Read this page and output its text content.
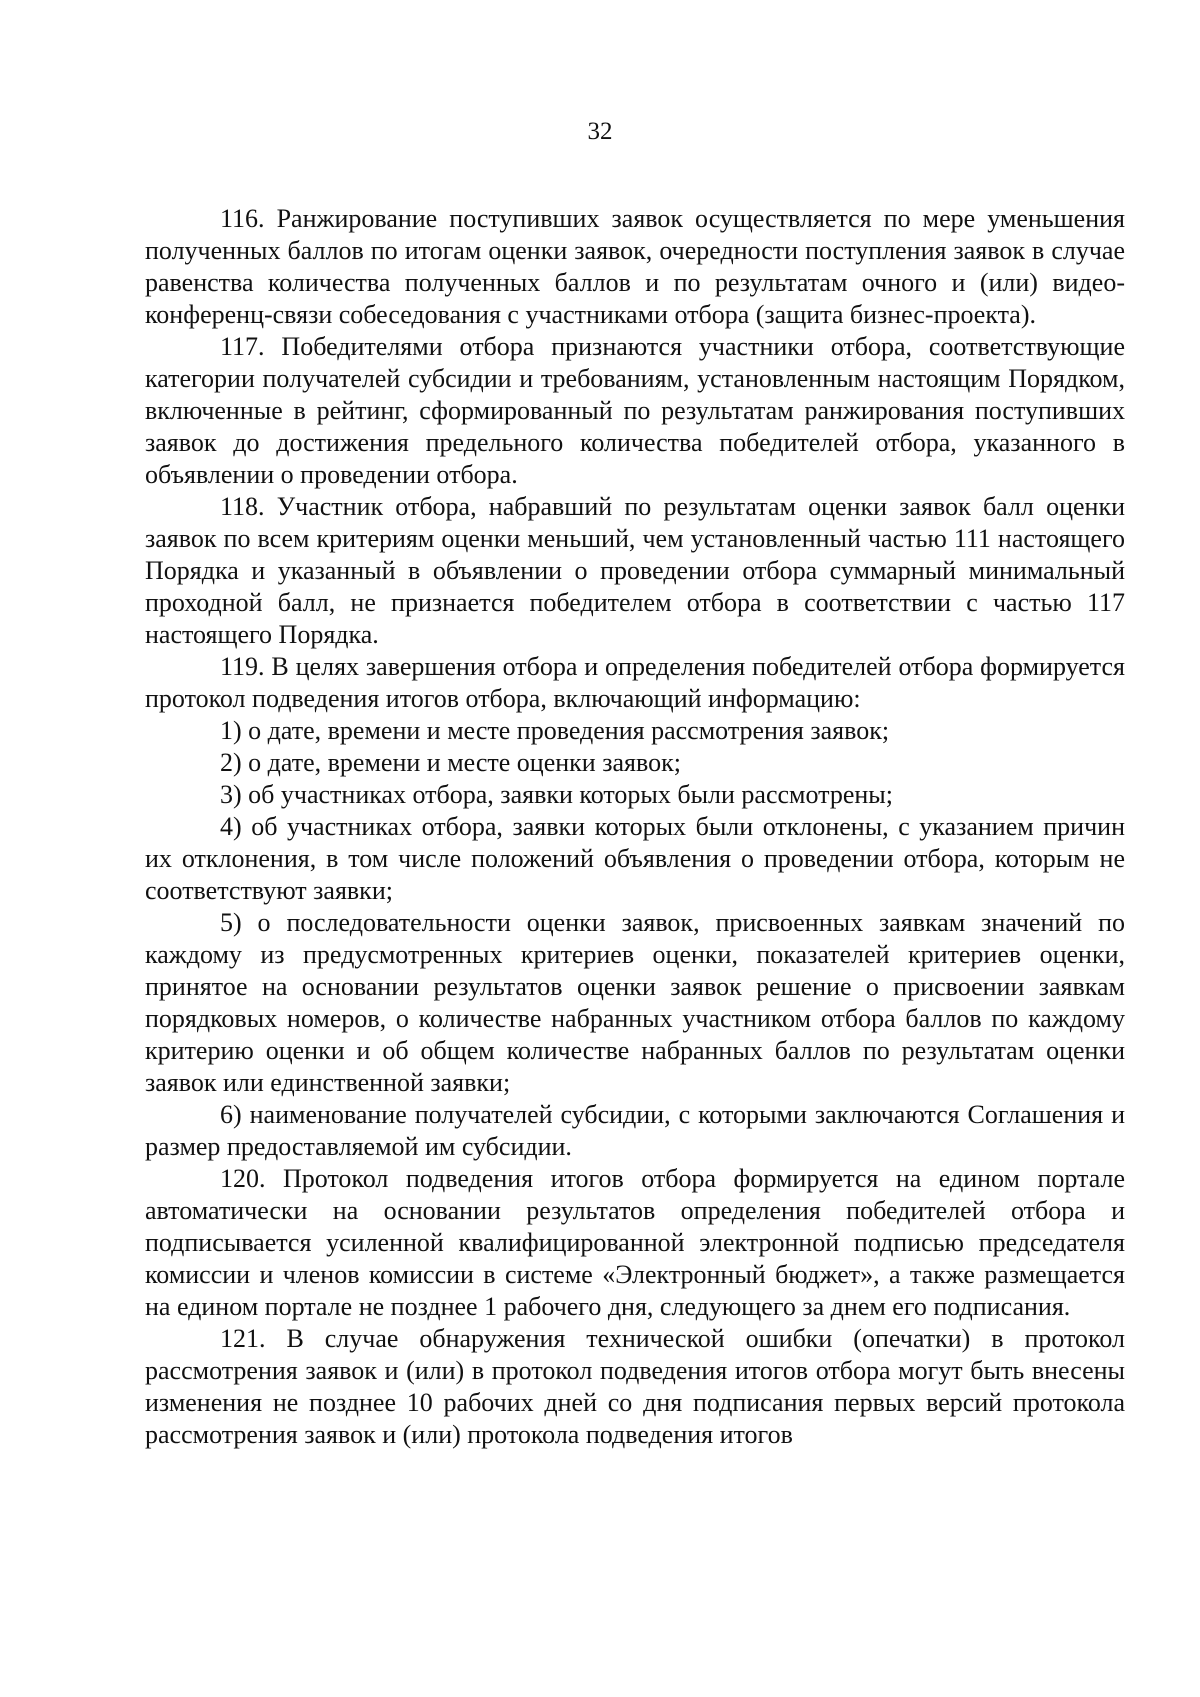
32

116. Ранжирование поступивших заявок осуществляется по мере уменьшения полученных баллов по итогам оценки заявок, очередности поступления заявок в случае равенства количества полученных баллов и по результатам очного и (или) видео-конференц-связи собеседования с участниками отбора (защита бизнес-проекта).

117. Победителями отбора признаются участники отбора, соответствующие категории получателей субсидии и требованиям, установленным настоящим Порядком, включенные в рейтинг, сформированный по результатам ранжирования поступивших заявок до достижения предельного количества победителей отбора, указанного в объявлении о проведении отбора.

118. Участник отбора, набравший по результатам оценки заявок балл оценки заявок по всем критериям оценки меньший, чем установленный частью 111 настоящего Порядка и указанный в объявлении о проведении отбора суммарный минимальный проходной балл, не признается победителем отбора в соответствии с частью 117 настоящего Порядка.

119. В целях завершения отбора и определения победителей отбора формируется протокол подведения итогов отбора, включающий информацию:

1) о дате, времени и месте проведения рассмотрения заявок;

2) о дате, времени и месте оценки заявок;

3) об участниках отбора, заявки которых были рассмотрены;

4) об участниках отбора, заявки которых были отклонены, с указанием причин их отклонения, в том числе положений объявления о проведении отбора, которым не соответствуют заявки;

5) о последовательности оценки заявок, присвоенных заявкам значений по каждому из предусмотренных критериев оценки, показателей критериев оценки, принятое на основании результатов оценки заявок решение о присвоении заявкам порядковых номеров, о количестве набранных участником отбора баллов по каждому критерию оценки и об общем количестве набранных баллов по результатам оценки заявок или единственной заявки;

6) наименование получателей субсидии, с которыми заключаются Соглашения и размер предоставляемой им субсидии.

120. Протокол подведения итогов отбора формируется на едином портале автоматически на основании результатов определения победителей отбора и подписывается усиленной квалифицированной электронной подписью председателя комиссии и членов комиссии в системе «Электронный бюджет», а также размещается на едином портале не позднее 1 рабочего дня, следующего за днем его подписания.

121. В случае обнаружения технической ошибки (опечатки) в протокол рассмотрения заявок и (или) в протокол подведения итогов отбора могут быть внесены изменения не позднее 10 рабочих дней со дня подписания первых версий протокола рассмотрения заявок и (или) протокола подведения итогов
